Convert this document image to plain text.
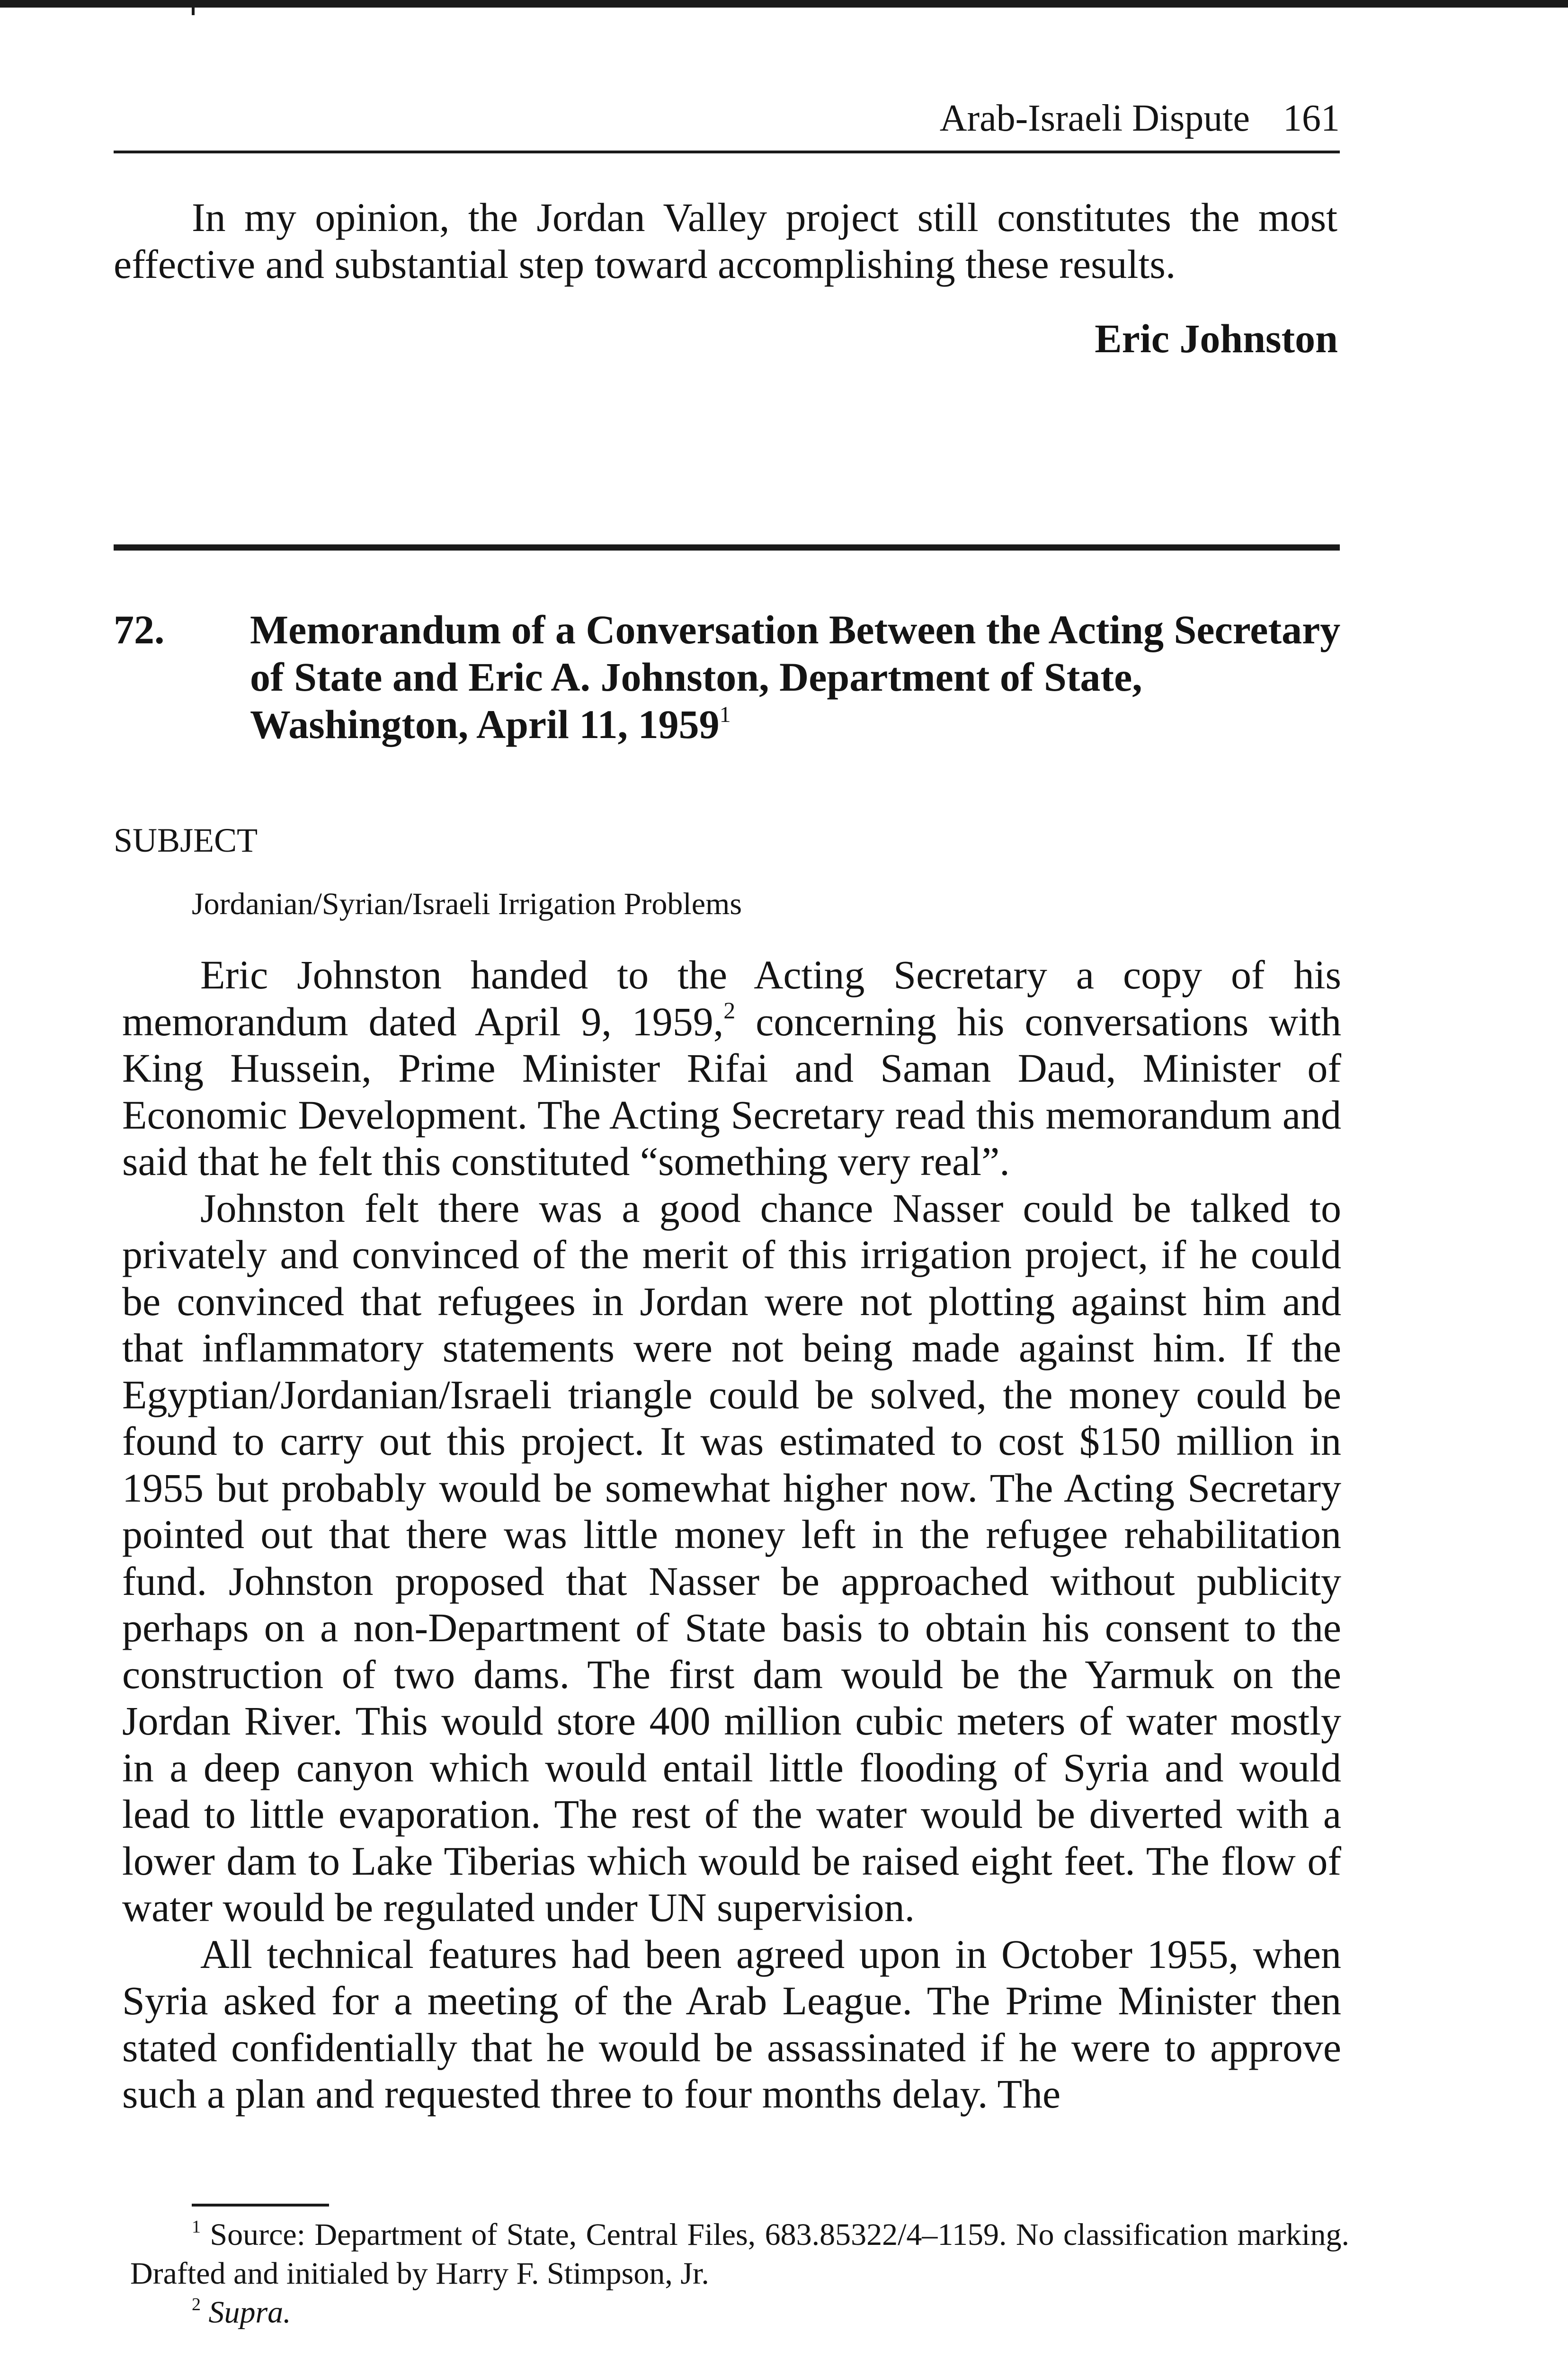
Arab-Israeli Dispute 161

In my opinion, the Jordan Valley project still constitutes the most effective and substantial step toward accomplishing these results.

Eric Johnston
72. Memorandum of a Conversation Between the Acting Secretary of State and Eric A. Johnston, Department of State, Washington, April 11, 1959$^1$
SUBJECT
Jordanian/Syrian/Israeli Irrigation Problems

Eric Johnston handed to the Acting Secretary a copy of his memorandum dated April 9, 1959,$^2$ concerning his conversations with King Hussein, Prime Minister Rifai and Saman Daud, Minister of Economic Development. The Acting Secretary read this memorandum and said that he felt this constituted “something very real”.

Johnston felt there was a good chance Nasser could be talked to privately and convinced of the merit of this irrigation project, if he could be convinced that refugees in Jordan were not plotting against him and that inflammatory statements were not being made against him. If the Egyptian/Jordanian/Israeli triangle could be solved, the money could be found to carry out this project. It was estimated to cost $150 million in 1955 but probably would be somewhat higher now. The Acting Secretary pointed out that there was little money left in the refugee rehabilitation fund. Johnston proposed that Nasser be approached without publicity perhaps on a non-Department of State basis to obtain his consent to the construction of two dams. The first dam would be the Yarmuk on the Jordan River. This would store 400 million cubic meters of water mostly in a deep canyon which would entail little flooding of Syria and would lead to little evaporation. The rest of the water would be diverted with a lower dam to Lake Tiberias which would be raised eight feet. The flow of water would be regulated under UN supervision.

All technical features had been agreed upon in October 1955, when Syria asked for a meeting of the Arab League. The Prime Minister then stated confidentially that he would be assassinated if he were to approve such a plan and requested three to four months delay. The

$^1$ Source: Department of State, Central Files, 683.85322/4–1159. No classification marking. Drafted and initialed by Harry F. Stimpson, Jr.

$^2$ Supra.
